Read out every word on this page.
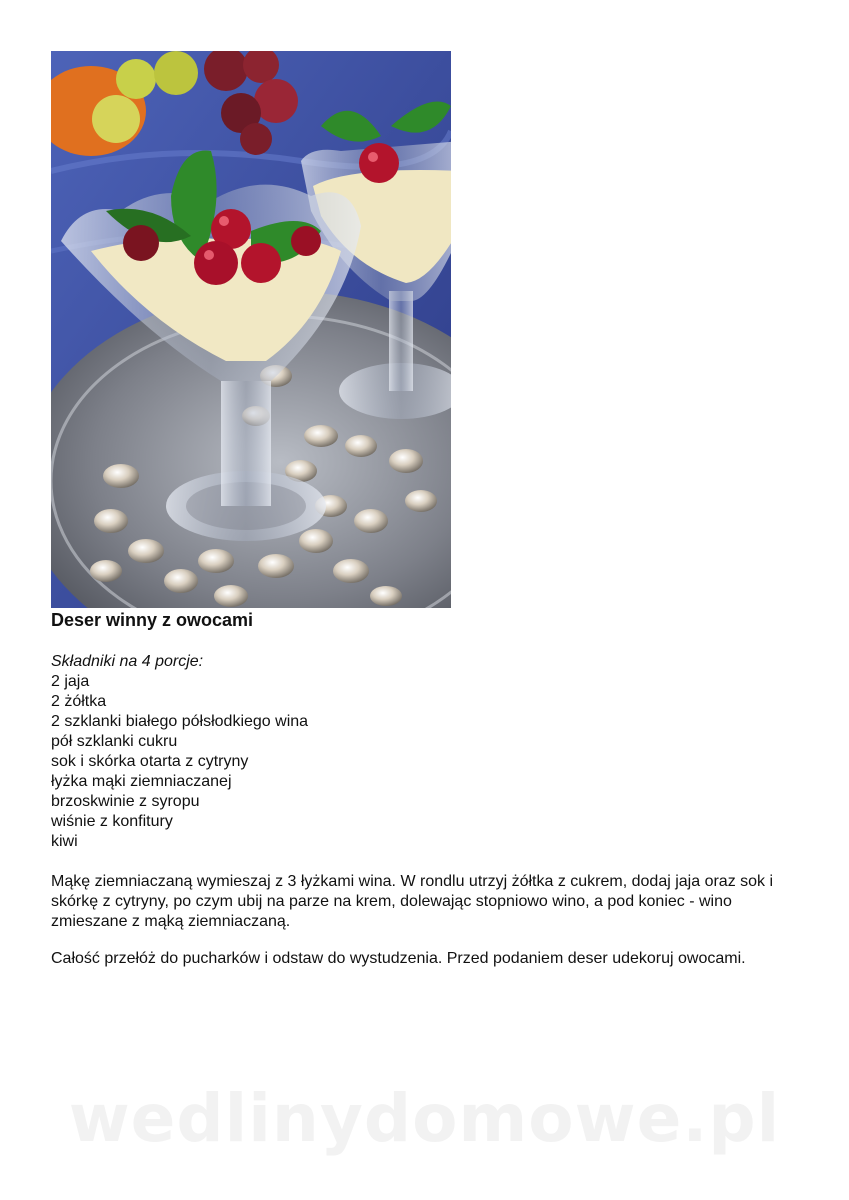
Deser winny z owocami
Składniki na 4 porcje:
2 jaja
2 żółtka
2 szklanki białego półsłodkiego wina
pół szklanki cukru
sok i skórka otarta z cytryny
łyżka mąki ziemniaczanej
brzoskwinie z syropu
wiśnie z konfitury
kiwi

Mąkę ziemniaczaną wymieszaj z 3 łyżkami wina. W rondlu utrzyj żółtka z cukrem, dodaj jaja oraz sok i skórkę z cytryny, po czym ubij na parze na krem, dolewając stopniowo wino, a pod koniec - wino zmieszane z mąką ziemniaczaną.

Całość przełóż do pucharków i odstaw do wystudzenia. Przed podaniem deser udekoruj owocami.

wedlinydomowe.pl
